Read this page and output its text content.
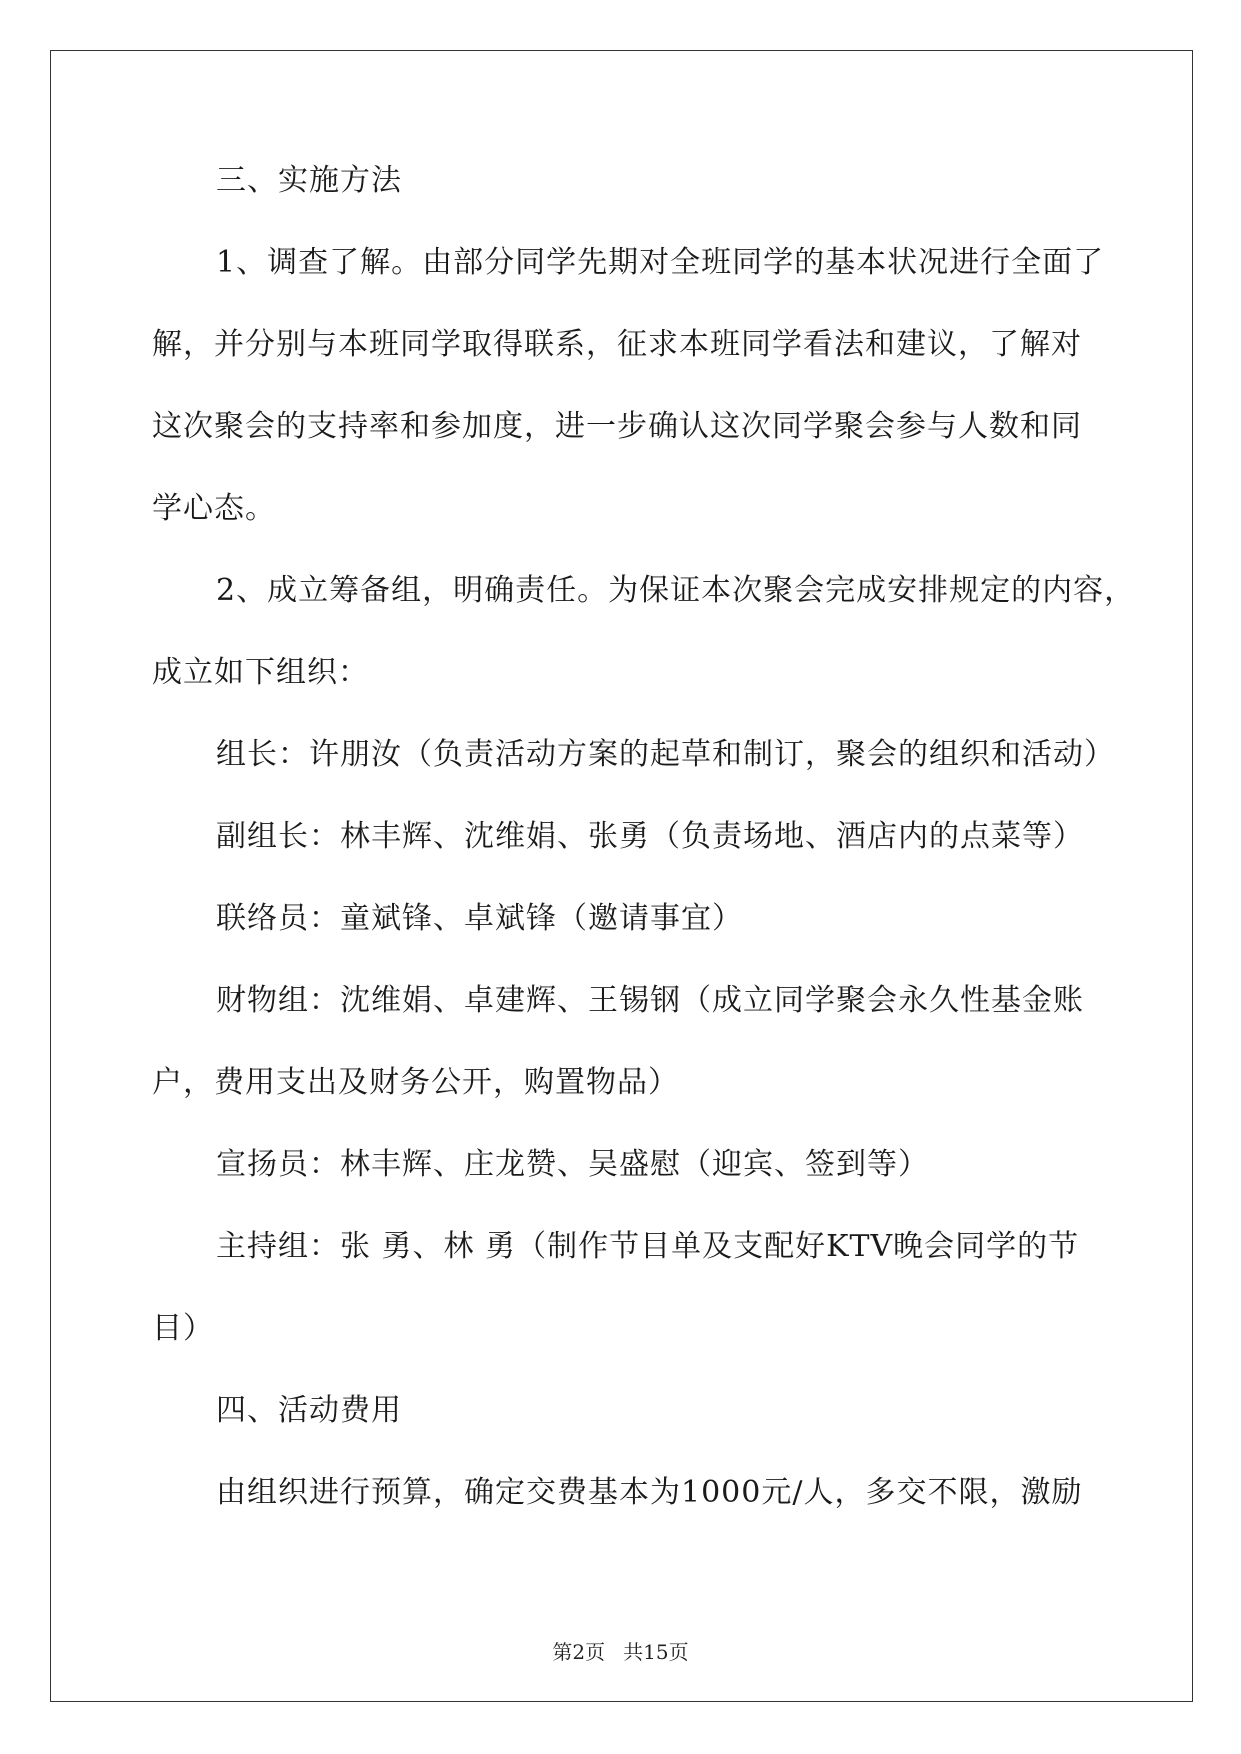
三、实施方法

1、调查了解。由部分同学先期对全班同学的基本状况进行全面了

解，并分别与本班同学取得联系，征求本班同学看法和建议，了解对

这次聚会的支持率和参加度，进一步确认这次同学聚会参与人数和同

学心态。

2、成立筹备组，明确责任。为保证本次聚会完成安排规定的内容，

成立如下组织：

组长：许朋汝（负责活动方案的起草和制订，聚会的组织和活动）

副组长：林丰辉、沈维娟、张勇（负责场地、酒店内的点菜等）

联络员：童斌锋、卓斌锋（邀请事宜）

财物组：沈维娟、卓建辉、王锡钢（成立同学聚会永久性基金账

户，费用支出及财务公开，购置物品）

宣扬员：林丰辉、庄龙赞、吴盛慰（迎宾、签到等）

主持组：张 勇、林 勇（制作节目单及支配好KTV晚会同学的节

目）

四、活动费用

由组织进行预算，确定交费基本为1000元/人，多交不限，激励

第2页 共15页
